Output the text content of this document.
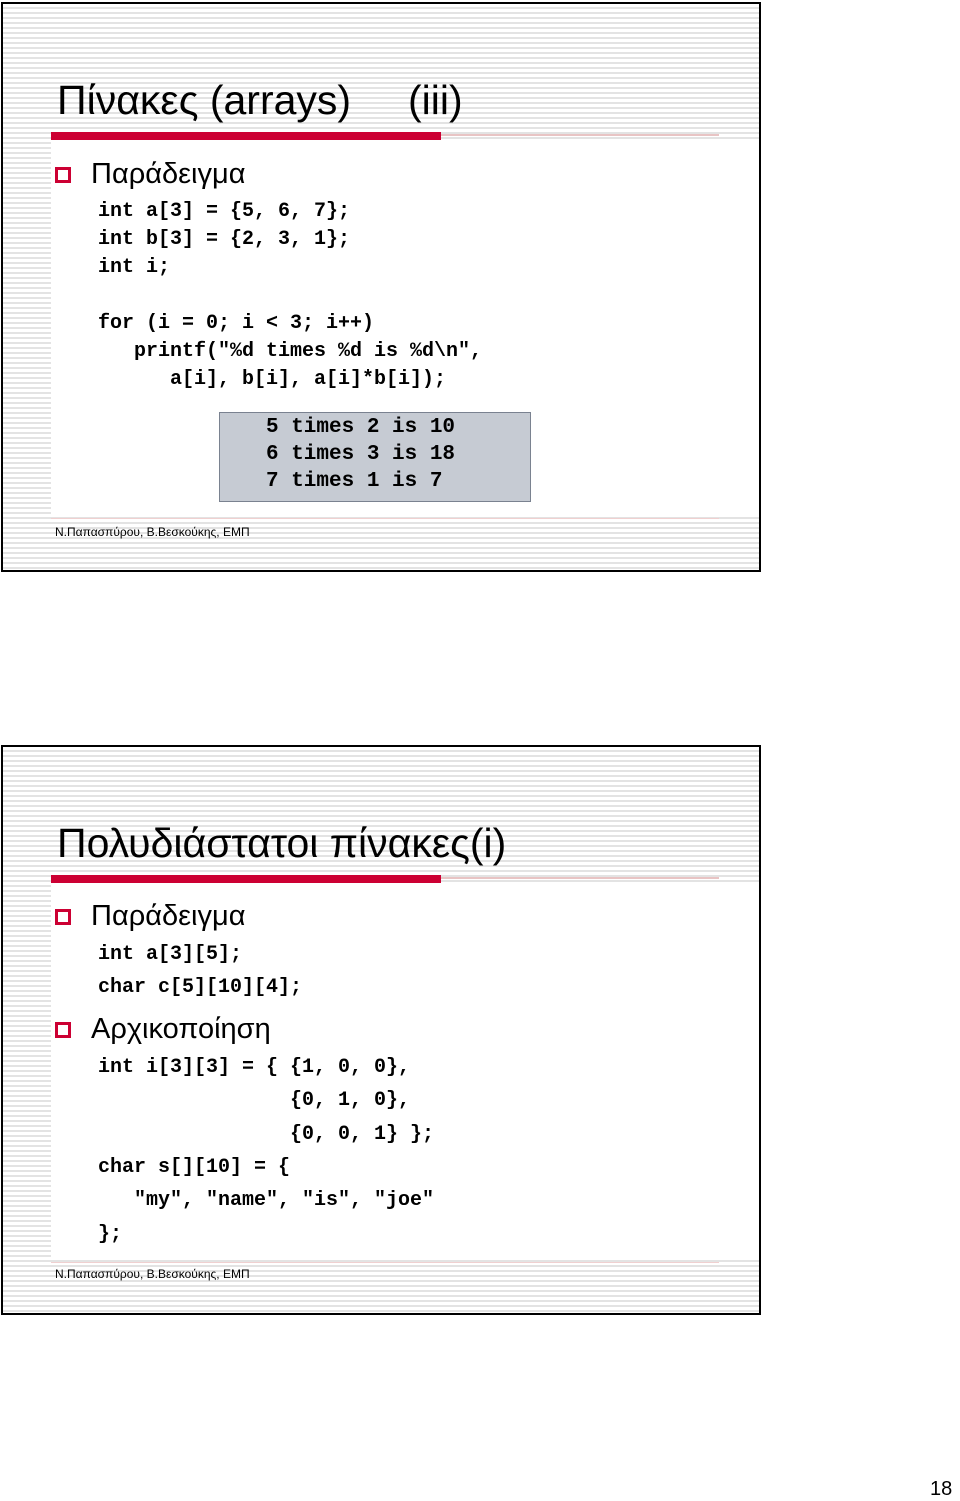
Πίνακες (arrays)     (iii)
Παράδειγμα
int a[3] = {5, 6, 7};
int b[3] = {2, 3, 1};
int i;
for (i = 0; i < 3; i++)
printf("%d times %d is %d\n",
a[i], b[i], a[i]*b[i]);
5 times 2 is 10
6 times 3 is 18
7 times 1 is 7
Ν.Παπασπύρου, Β.Βεσκούκης, ΕΜΠ
Πολυδιάστατοι πίνακες(i)
Παράδειγμα
int a[3][5];
char c[5][10][4];
Αρχικοποίηση
int i[3][3] = { {1, 0, 0},
{0, 1, 0},
{0, 0, 1} };
char s[][10] = {
"my", "name", "is", "joe"
};
Ν.Παπασπύρου, Β.Βεσκούκης, ΕΜΠ
18
